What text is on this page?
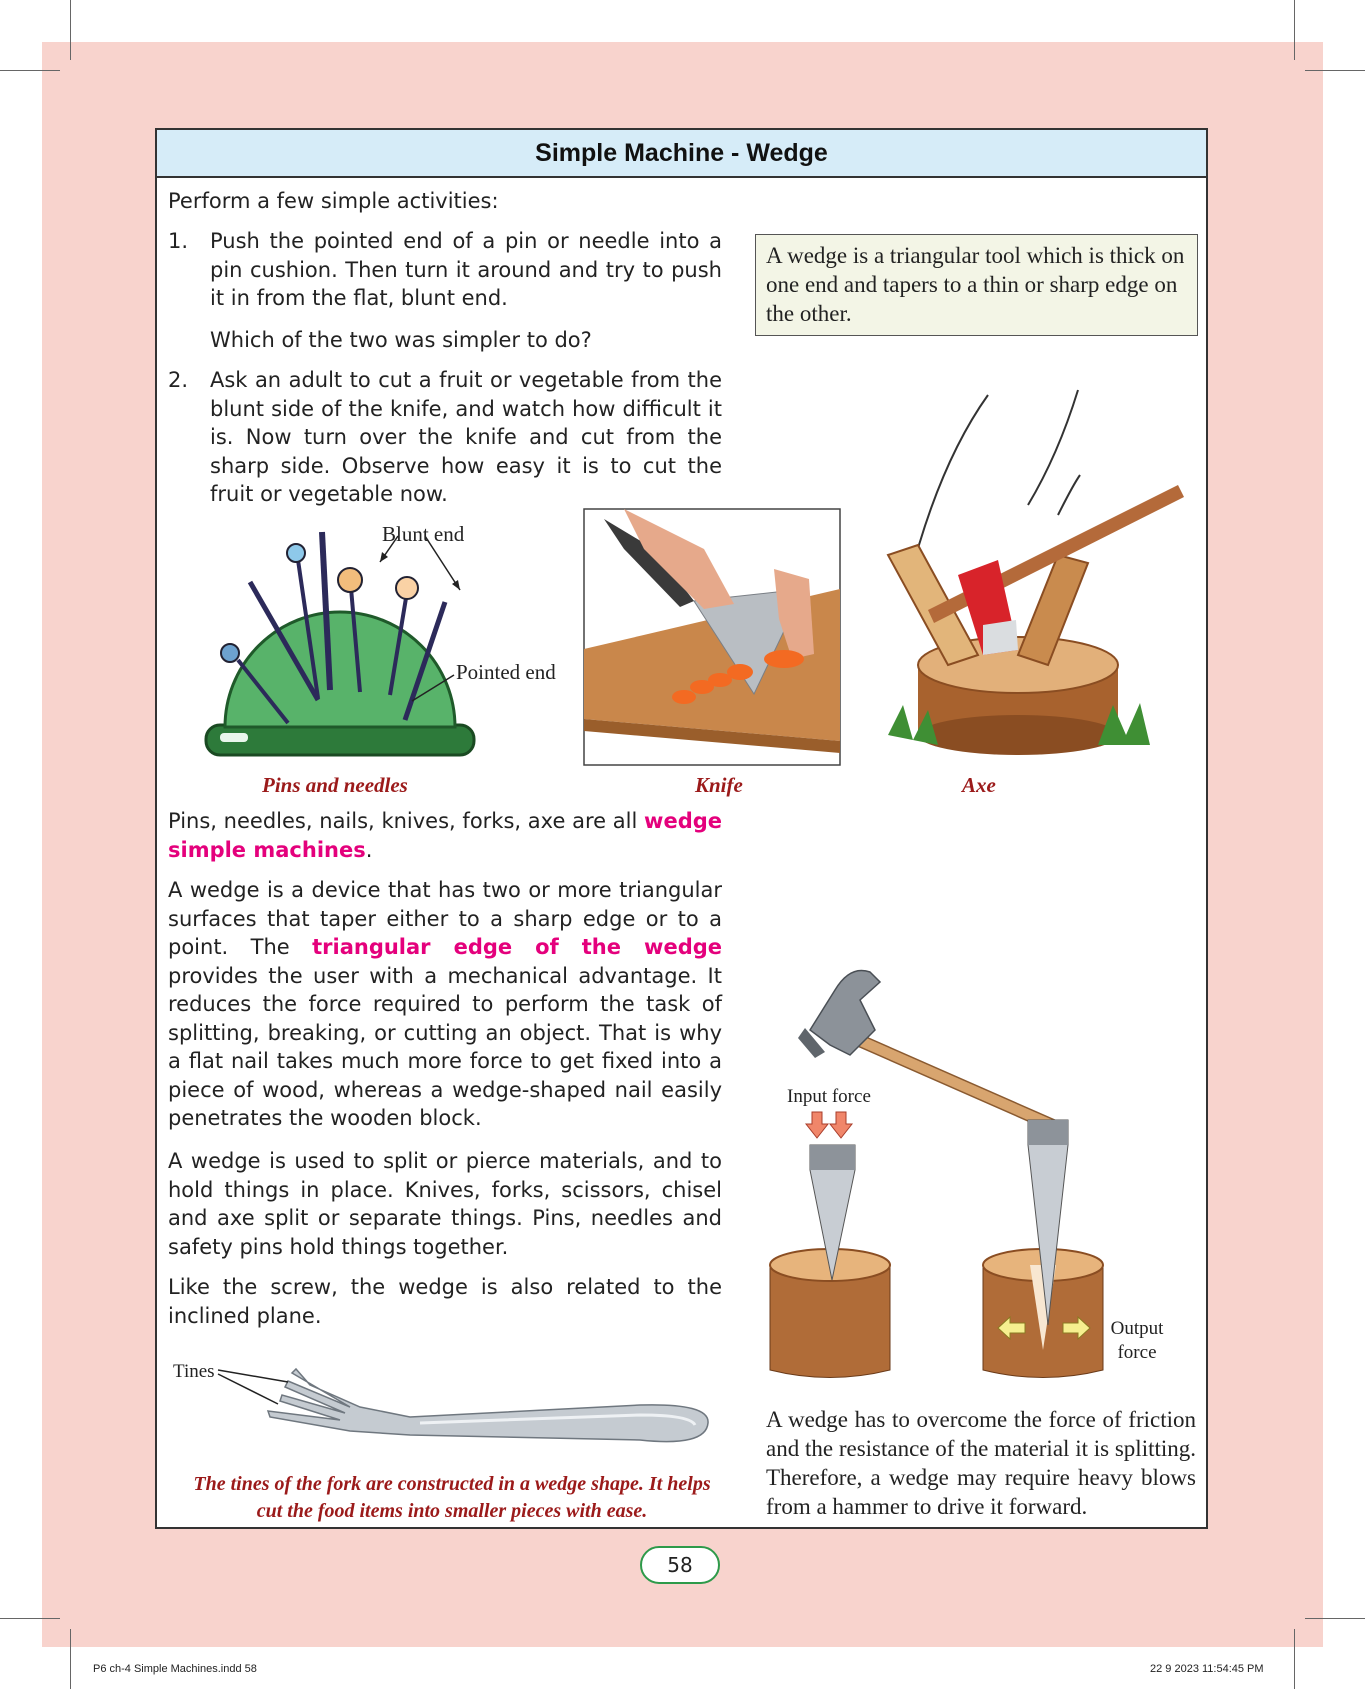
Simple Machine - Wedge
Perform a few simple activities:
1.	Push the pointed end of a pin or needle into a pin cushion. Then turn it around and try to push it in from the flat, blunt end.
Which of the two was simpler to do?
2.	Ask an adult to cut a fruit or vegetable from the blunt side of the knife, and watch how difficult it is. Now turn over the knife and cut from the sharp side. Observe how easy it is to cut the fruit or vegetable now.
A wedge is a triangular tool which is thick on one end and tapers to a thin or sharp edge on the other.
Blunt end
Pointed end
Pins and needles	Knife	Axe
Pins, needles, nails, knives, forks, axe are all wedge simple machines.
A wedge is a device that has two or more triangular surfaces that taper either to a sharp edge or to a point. The triangular edge of the wedge provides the user with a mechanical advantage. It reduces the force required to perform the task of splitting, breaking, or cutting an object. That is why a flat nail takes much more force to get fixed into a piece of wood, whereas a wedge-shaped nail easily penetrates the wooden block.
A wedge is used to split or pierce materials, and to hold things in place. Knives, forks, scissors, chisel and axe split or separate things. Pins, needles and safety pins hold things together.
Like the screw, the wedge is also related to the inclined plane.
Tines
The tines of the fork are constructed in a wedge shape. It helps cut the food items into smaller pieces with ease.
Input force
Output force
A wedge has to overcome the force of friction and the resistance of the material it is splitting. Therefore, a wedge may require heavy blows from a hammer to drive it forward.
58
P6 ch-4 Simple Machines.indd 58	22 9 2023 11:54:45 PM
